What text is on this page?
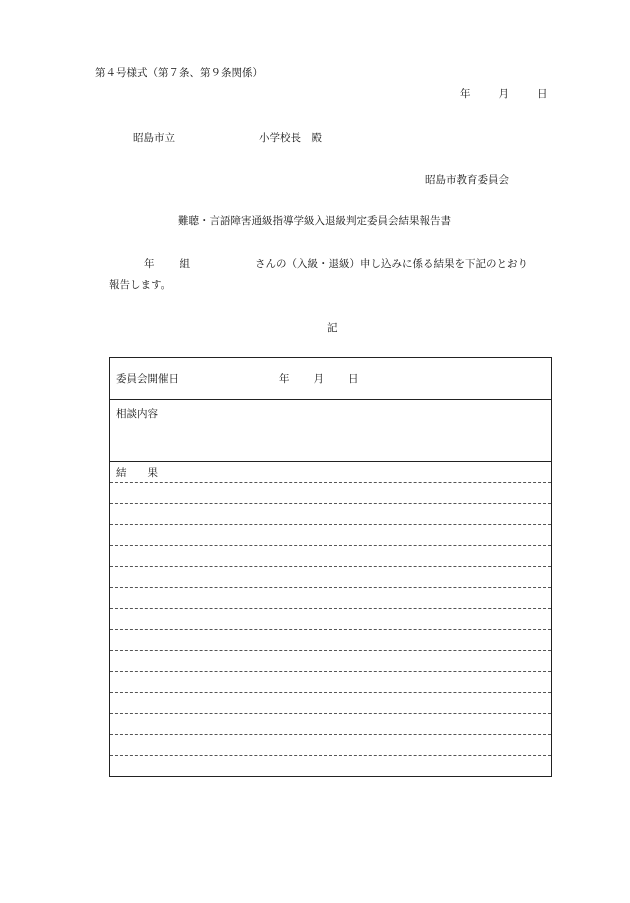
第４号様式（第７条、第９条関係）
年	月	日
昭島市立	小学校長　殿
昭島市教育委員会
難聴・言語障害通級指導学級入退級判定委員会結果報告書
年 組	さんの（入級・退級）申し込みに係る結果を下記のとおり
報告します。
記
委員会開催日	年 月 日
相談内容
結　　果
